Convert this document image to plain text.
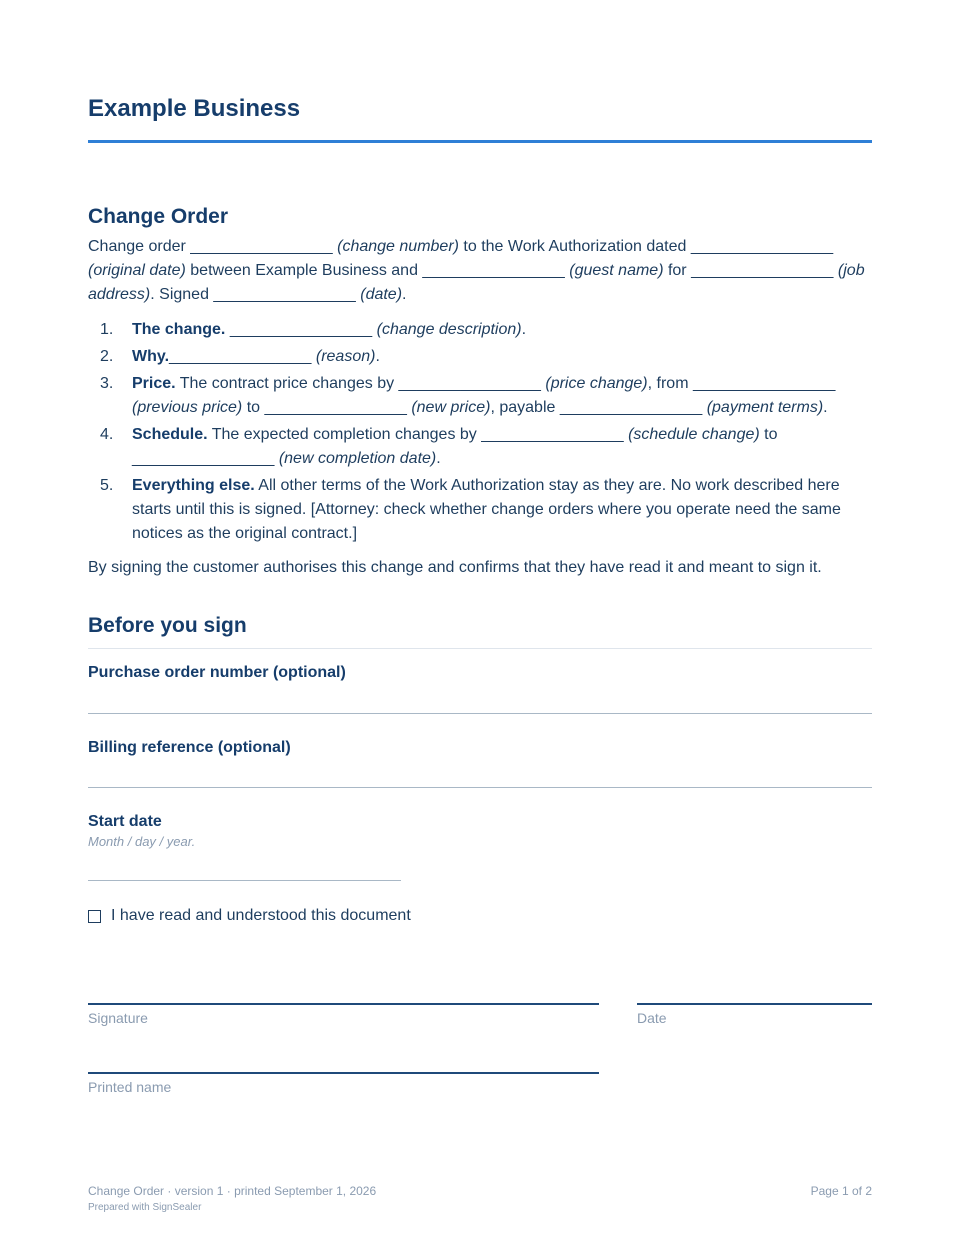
Example Business
Change Order

Change order ________________ (change number) to the Work Authorization dated ________________ (original date) between Example Business and ________________ (guest name) for ________________ (job address). Signed ________________ (date).

1. The change. ________________ (change description).
2. Why.________________ (reason).
3. Price. The contract price changes by ________________ (price change), from ________________ (previous price) to ________________ (new price), payable ________________ (payment terms).
4. Schedule. The expected completion changes by ________________ (schedule change) to ________________ (new completion date).
5. Everything else. All other terms of the Work Authorization stay as they are. No work described here starts until this is signed. [Attorney: check whether change orders where you operate need the same notices as the original contract.]

By signing the customer authorises this change and confirms that they have read it and meant to sign it.

Before you sign

Purchase order number (optional)

Billing reference (optional)

Start date

Month / day / year.

I have read and understood this document

Signature	Date

Printed name

Change Order · version 1 · printed September 1, 2026

Prepared with SignSealer

Page 1 of 2
